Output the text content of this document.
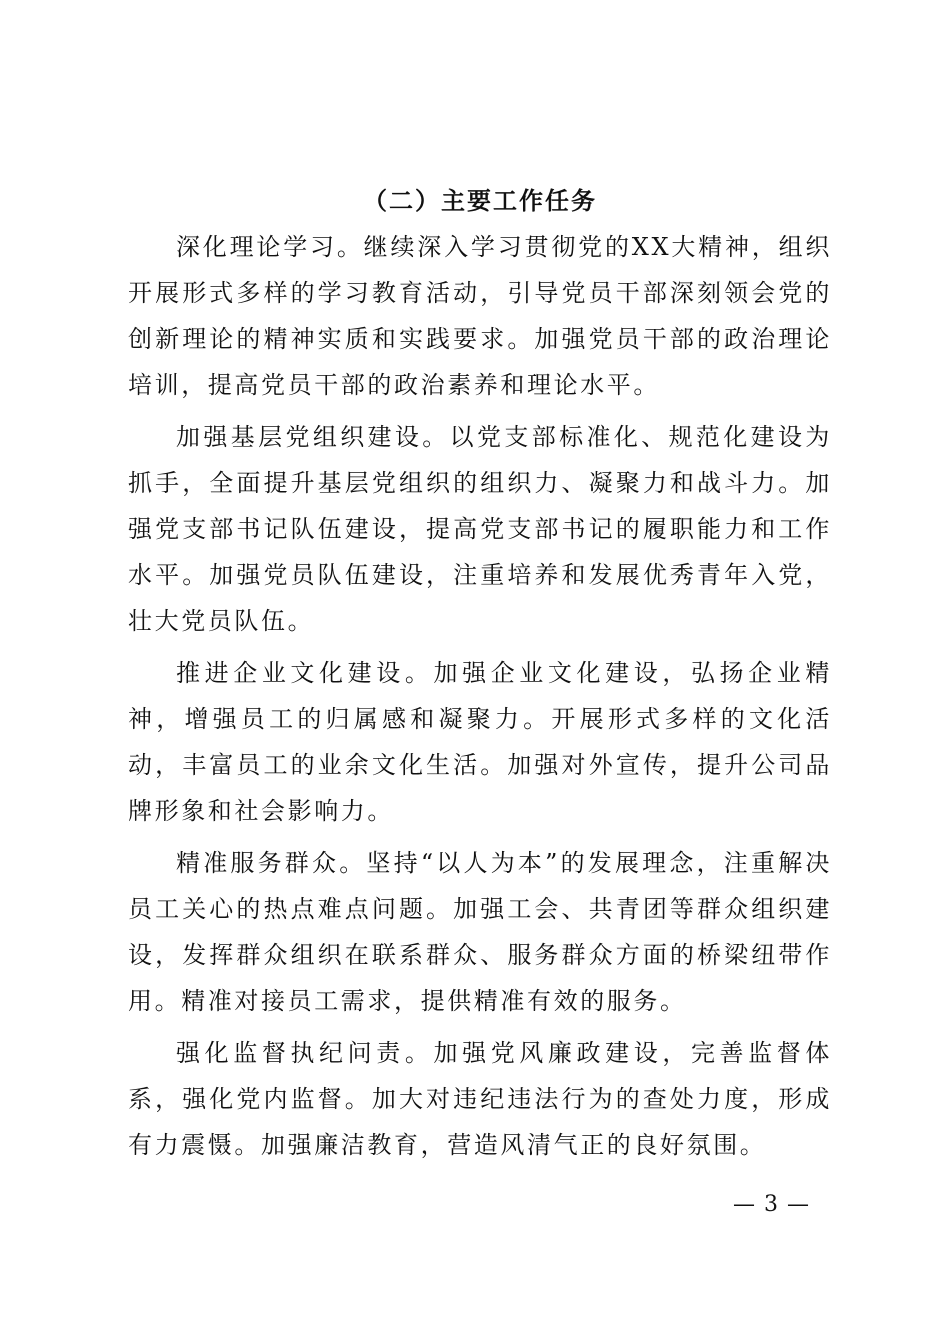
（二）主要工作任务

深化理论学习。继续深入学习贯彻党的XX大精神，组织开展形式多样的学习教育活动，引导党员干部深刻领会党的创新理论的精神实质和实践要求。加强党员干部的政治理论培训，提高党员干部的政治素养和理论水平。

加强基层党组织建设。以党支部标准化、规范化建设为抓手，全面提升基层党组织的组织力、凝聚力和战斗力。加强党支部书记队伍建设，提高党支部书记的履职能力和工作水平。加强党员队伍建设，注重培养和发展优秀青年入党，壮大党员队伍。

推进企业文化建设。加强企业文化建设，弘扬企业精神，增强员工的归属感和凝聚力。开展形式多样的文化活动，丰富员工的业余文化生活。加强对外宣传，提升公司品牌形象和社会影响力。

精准服务群众。坚持“以人为本”的发展理念，注重解决员工关心的热点难点问题。加强工会、共青团等群众组织建设，发挥群众组织在联系群众、服务群众方面的桥梁纽带作用。精准对接员工需求，提供精准有效的服务。

强化监督执纪问责。加强党风廉政建设，完善监督体系，强化党内监督。加大对违纪违法行为的查处力度，形成有力震慑。加强廉洁教育，营造风清气正的良好氛围。

— 3 —
